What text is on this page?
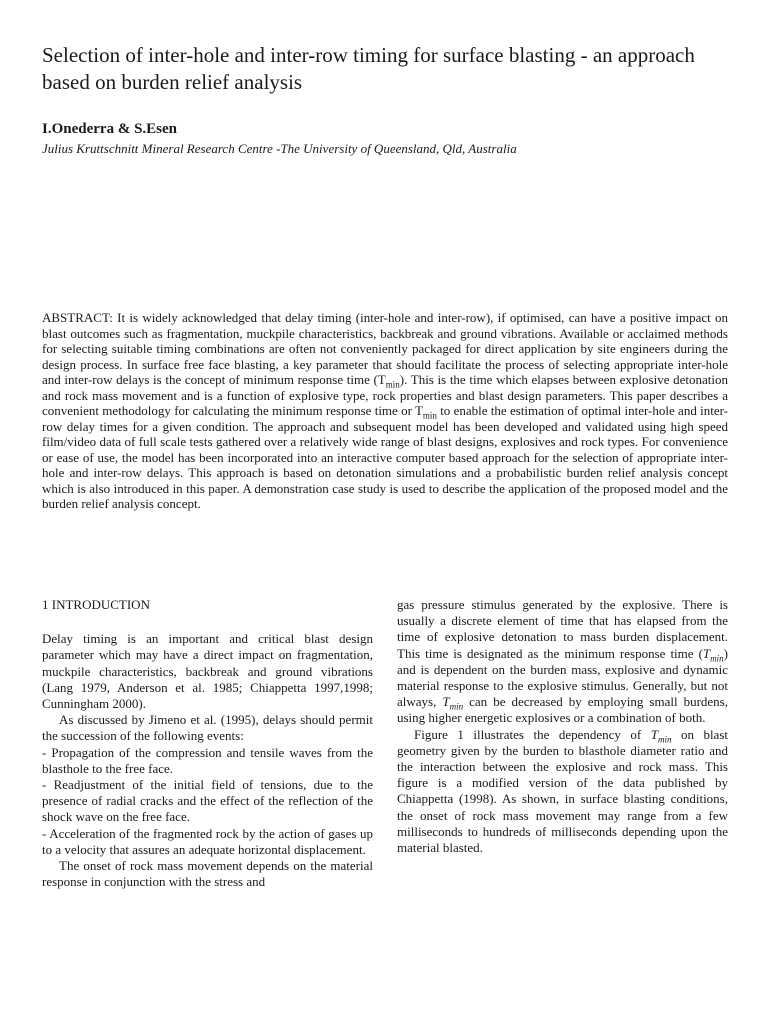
Selection of inter-hole and inter-row timing for surface blasting - an approach based on burden relief analysis

I.Onederra & S.Esen

Julius Kruttschnitt Mineral Research Centre -The University of Queensland, Qld, Australia

ABSTRACT: It is widely acknowledged that delay timing (inter-hole and inter-row), if optimised, can have a positive impact on blast outcomes such as fragmentation, muckpile characteristics, backbreak and ground vibrations. Available or acclaimed methods for selecting suitable timing combinations are often not conveniently packaged for direct application by site engineers during the design process. In surface free face blasting, a key parameter that should facilitate the process of selecting appropriate inter-hole and inter-row delays is the concept of minimum response time $(T_{min})$. This is the time which elapses between explosive detonation and rock mass movement and is a function of explosive type, rock properties and blast design parameters. This paper describes a convenient methodology for calculating the minimum response time or $T_{min}$ to enable the estimation of optimal inter-hole and inter-row delay times for a given condition. The approach and subsequent model has been developed and validated using high speed film/video data of full scale tests gathered over a relatively wide range of blast designs, explosives and rock types. For convenience or ease of use, the model has been incorporated into an interactive computer based approach for the selection of appropriate inter-hole and inter-row delays. This approach is based on detonation simulations and a probabilistic burden relief analysis concept which is also introduced in this paper. A demonstration case study is used to describe the application of the proposed model and the burden relief analysis concept.

1 INTRODUCTION

Delay timing is an important and critical blast design parameter which may have a direct impact on fragmentation, muckpile characteristics, backbreak and ground vibrations (Lang 1979, Anderson et al. 1985; Chiappetta 1997,1998; Cunningham 2000).

As discussed by Jimeno et al. (1995), delays should permit the succession of the following events:

- Propagation of the compression and tensile waves from the blasthole to the free face.

- Readjustment of the initial field of tensions, due to the presence of radial cracks and the effect of the reflection of the shock wave on the free face.

- Acceleration of the fragmented rock by the action of gases up to a velocity that assures an adequate horizontal displacement.

The onset of rock mass movement depends on the material response in conjunction with the stress and

gas pressure stimulus generated by the explosive. There is usually a discrete element of time that has elapsed from the time of explosive detonation to mass burden displacement. This time is designated as the minimum response time $(T_{min})$ and is dependent on the burden mass, explosive and dynamic material response to the explosive stimulus. Generally, but not always, $T_{min}$ can be decreased by employing small burdens, using higher energetic explosives or a combination of both.

Figure 1 illustrates the dependency of $T_{min}$ on blast geometry given by the burden to blasthole diameter ratio and the interaction between the explosive and rock mass. This figure is a modified version of the data published by Chiappetta (1998). As shown, in surface blasting conditions, the onset of rock mass movement may range from a few milliseconds to hundreds of milliseconds depending upon the material blasted.
